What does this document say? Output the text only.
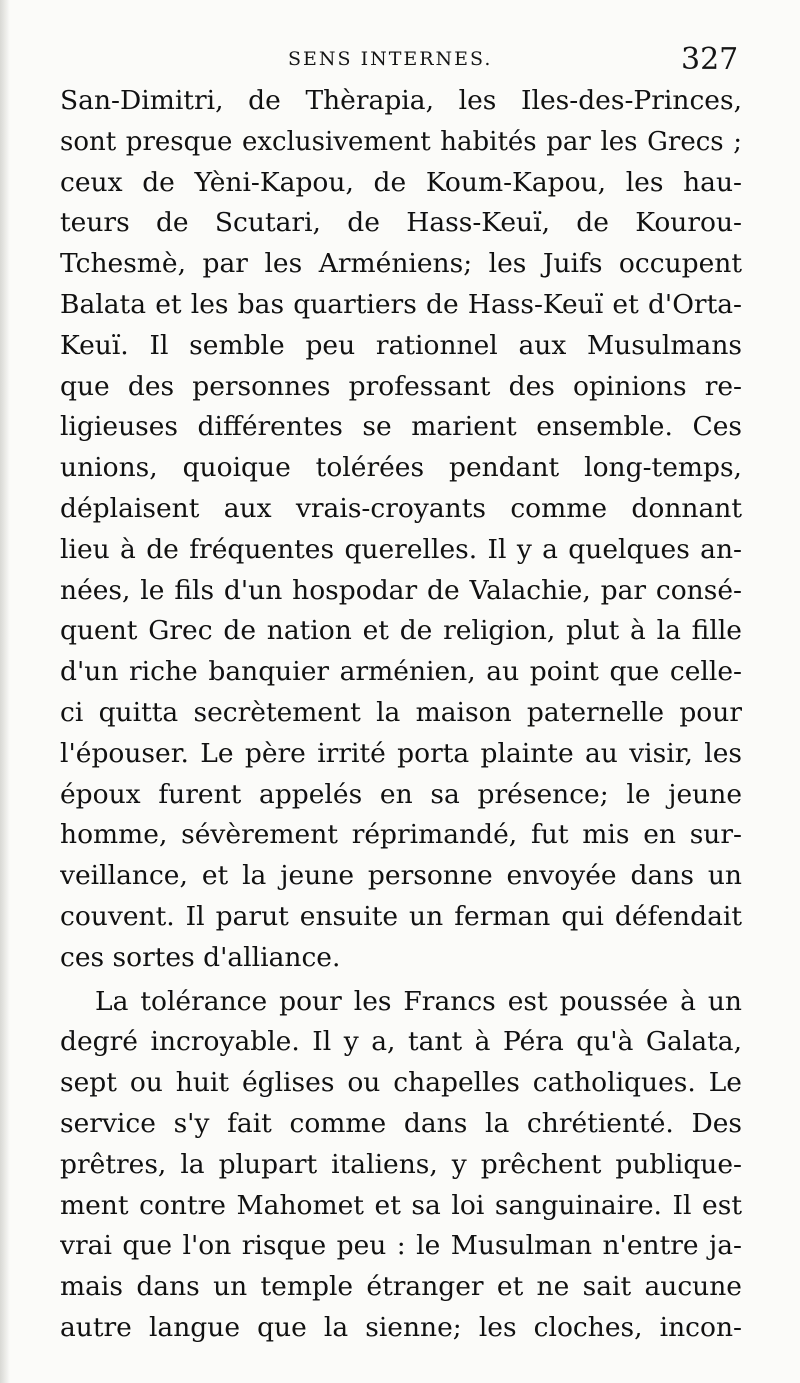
SENS INTERNES.	327
San-Dimitri, de Thèrapia, les Iles-des-Princes,
sont presque exclusivement habités par les Grecs ;
ceux de Yèni-Kapou, de Koum-Kapou, les hau-
teurs de Scutari, de Hass-Keuï, de Kourou-
Tchesmè, par les Arméniens; les Juifs occupent
Balata et les bas quartiers de Hass-Keuï et d'Orta-
Keuï. Il semble peu rationnel aux Musulmans
que des personnes professant des opinions re-
ligieuses différentes se marient ensemble. Ces
unions, quoique tolérées pendant long-temps,
déplaisent aux vrais-croyants comme donnant
lieu à de fréquentes querelles. Il y a quelques an-
nées, le fils d'un hospodar de Valachie, par consé-
quent Grec de nation et de religion, plut à la fille
d'un riche banquier arménien, au point que celle-
ci quitta secrètement la maison paternelle pour
l'épouser. Le père irrité porta plainte au visir, les
époux furent appelés en sa présence; le jeune
homme, sévèrement réprimandé, fut mis en sur-
veillance, et la jeune personne envoyée dans un
couvent. Il parut ensuite un ferman qui défendait
ces sortes d'alliance.
La tolérance pour les Francs est poussée à un
degré incroyable. Il y a, tant à Péra qu'à Galata,
sept ou huit églises ou chapelles catholiques. Le
service s'y fait comme dans la chrétienté. Des
prêtres, la plupart italiens, y prêchent publique-
ment contre Mahomet et sa loi sanguinaire. Il est
vrai que l'on risque peu : le Musulman n'entre ja-
mais dans un temple étranger et ne sait aucune
autre langue que la sienne; les cloches, incon-
